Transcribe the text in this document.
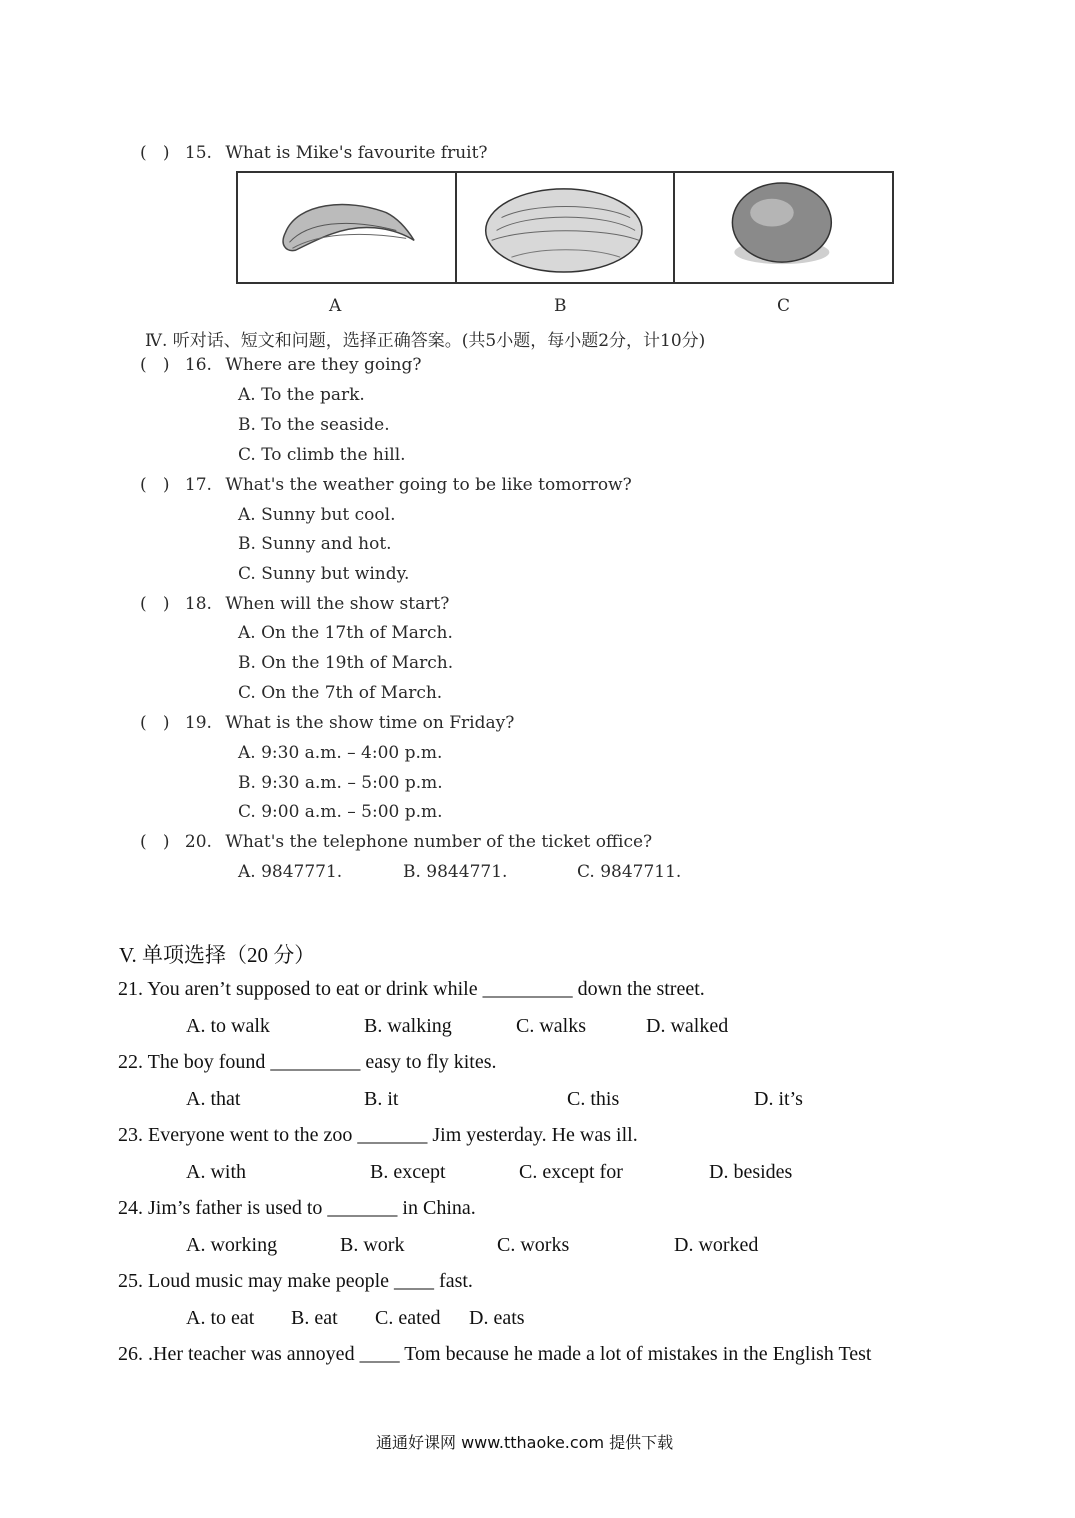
(   ) 15. What is Mike's favourite fruit?
A	B	C
Ⅳ. 听对话、短文和问题，选择正确答案。(共5小题，每小题2分，计10分)
(   ) 16. Where are they going?
A. To the park.
B. To the seaside.
C. To climb the hill.
(   ) 17. What's the weather going to be like tomorrow?
A. Sunny but cool.
B. Sunny and hot.
C. Sunny but windy.
(   ) 18. When will the show start?
A. On the 17th of March.
B. On the 19th of March.
C. On the 7th of March.
(   ) 19. What is the show time on Friday?
A. 9:30 a.m. – 4:00 p.m.
B. 9:30 a.m. – 5:00 p.m.
C. 9:00 a.m. – 5:00 p.m.
(   ) 20. What's the telephone number of the ticket office?
A. 9847771.	B. 9844771.	C. 9847711.
V. 单项选择（20 分）
21. You aren’t supposed to eat or drink while _________ down the street.
A. to walk	B. walking	C. walks	D. walked
22. The boy found _________ easy to fly kites.
A. that	B. it	C. this	D. it’s
23. Everyone went to the zoo _______ Jim yesterday. He was ill.
A. with	B. except	C. except for	D. besides
24. Jim’s father is used to _______ in China.
A. working	B. work	C. works	D. worked
25. Loud music may make people ____ fast.
A. to eat B. eat C. eated D. eats
26. .Her teacher was annoyed ____ Tom because he made a lot of mistakes in the English Test
通通好课网 www.tthaoke.com 提供下载
